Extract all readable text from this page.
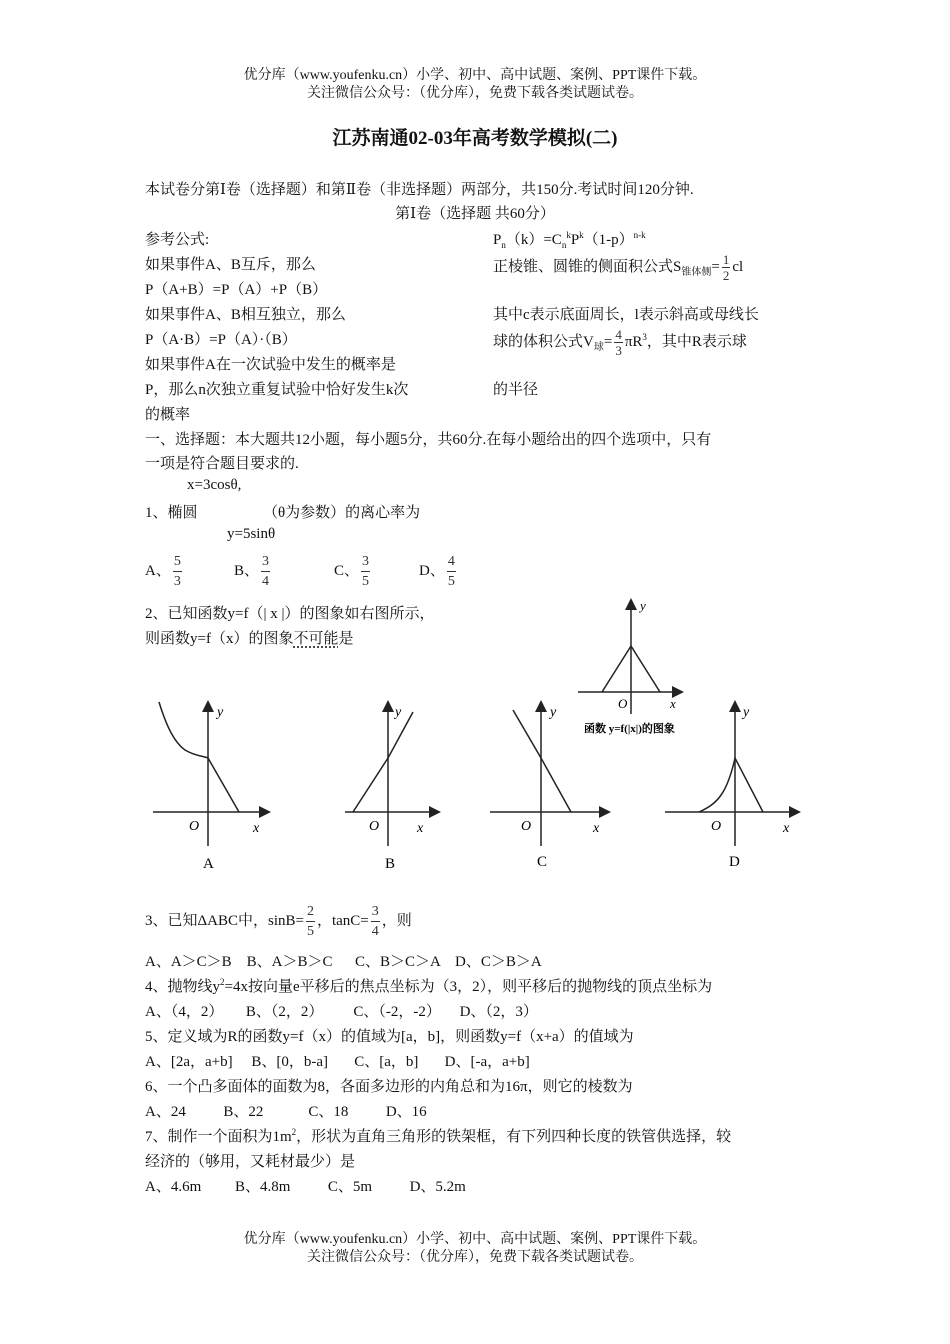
优分库（www.youfenku.cn）小学、初中、高中试题、案例、PPT课件下载。
关注微信公众号：（优分库），免费下载各类试题试卷。
江苏南通02-03年高考数学模拟(二)
本试卷分第Ⅰ卷（选择题）和第Ⅱ卷（非选择题）两部分，共150分.考试时间120分钟.
第Ⅰ卷（选择题 共60分）
参考公式:
如果事件A、B互斥，那么
P（A+B）=P（A）+P（B）
如果事件A、B相互独立，那么
P（A·B）=P（A）·（B）
如果事件A在一次试验中发生的概率是
P，那么n次独立重复试验中恰好发生k次
的概率
$P_n(k)=C_n^kP^k(1-p)^{n-k}$
正棱锥、圆锥的侧面积公式$S_{锥体侧}= \frac{1}{2}$ cl
其中c表示底面周长，l表示斜高或母线长
球的体积公式$V_球= \frac{4}{3} \pi R^3$，其中R表示球
的半径
一、选择题：本大题共12小题，每小题5分，共60分.在每小题给出的四个选项中，只有
一项是符合题目要求的.
x=3cosθ,
1、椭圆	（θ为参数）的离心率为
y=5sinθ
A、 $\frac{5}{3}$	B、 $\frac{3}{4}$	C、 $\frac{3}{5}$	D、 $\frac{4}{5}$
2、已知函数y=f（| x |）的图象如右图所示，
则函数y=f（x）的图象不可能是
y
x
O
函数 y=f(|x|)的图象
y
x
O
A
y
x
O
B
y
x
O
C
y
x
O
D
3、已知ΔABC中，$\sin B= \frac{2}{5}$ ，$\tan C= \frac{3}{4}$ ，则
A、A＞C＞B    B、A＞B＞C      C、B＞C＞A    D、C＞B＞A
4、抛物线$y^2=4x$按向量e平移后的焦点坐标为（3，2），则平移后的抛物线的顶点坐标为
A、（4，2）      B、（2，2）        C、（-2，-2）     D、（2，3）
5、定义域为R的函数y=f（x）的值域为[a，b]，则函数y=f（x+a）的值域为
A、[2a，a+b]     B、[0，b-a]       C、[a，b]       D、[-a，a+b]
6、一个凸多面体的面数为8，各面多边形的内角总和为16π，则它的棱数为
A、24          B、22            C、18          D、16
7、制作一个面积为$1m^2$，形状为直角三角形的铁架框，有下列四种长度的铁管供选择，较
经济的（够用，又耗材最少）是
A、4.6m         B、4.8m          C、5m          D、5.2m
优分库（www.youfenku.cn）小学、初中、高中试题、案例、PPT课件下载。
关注微信公众号：（优分库），免费下载各类试题试卷。
